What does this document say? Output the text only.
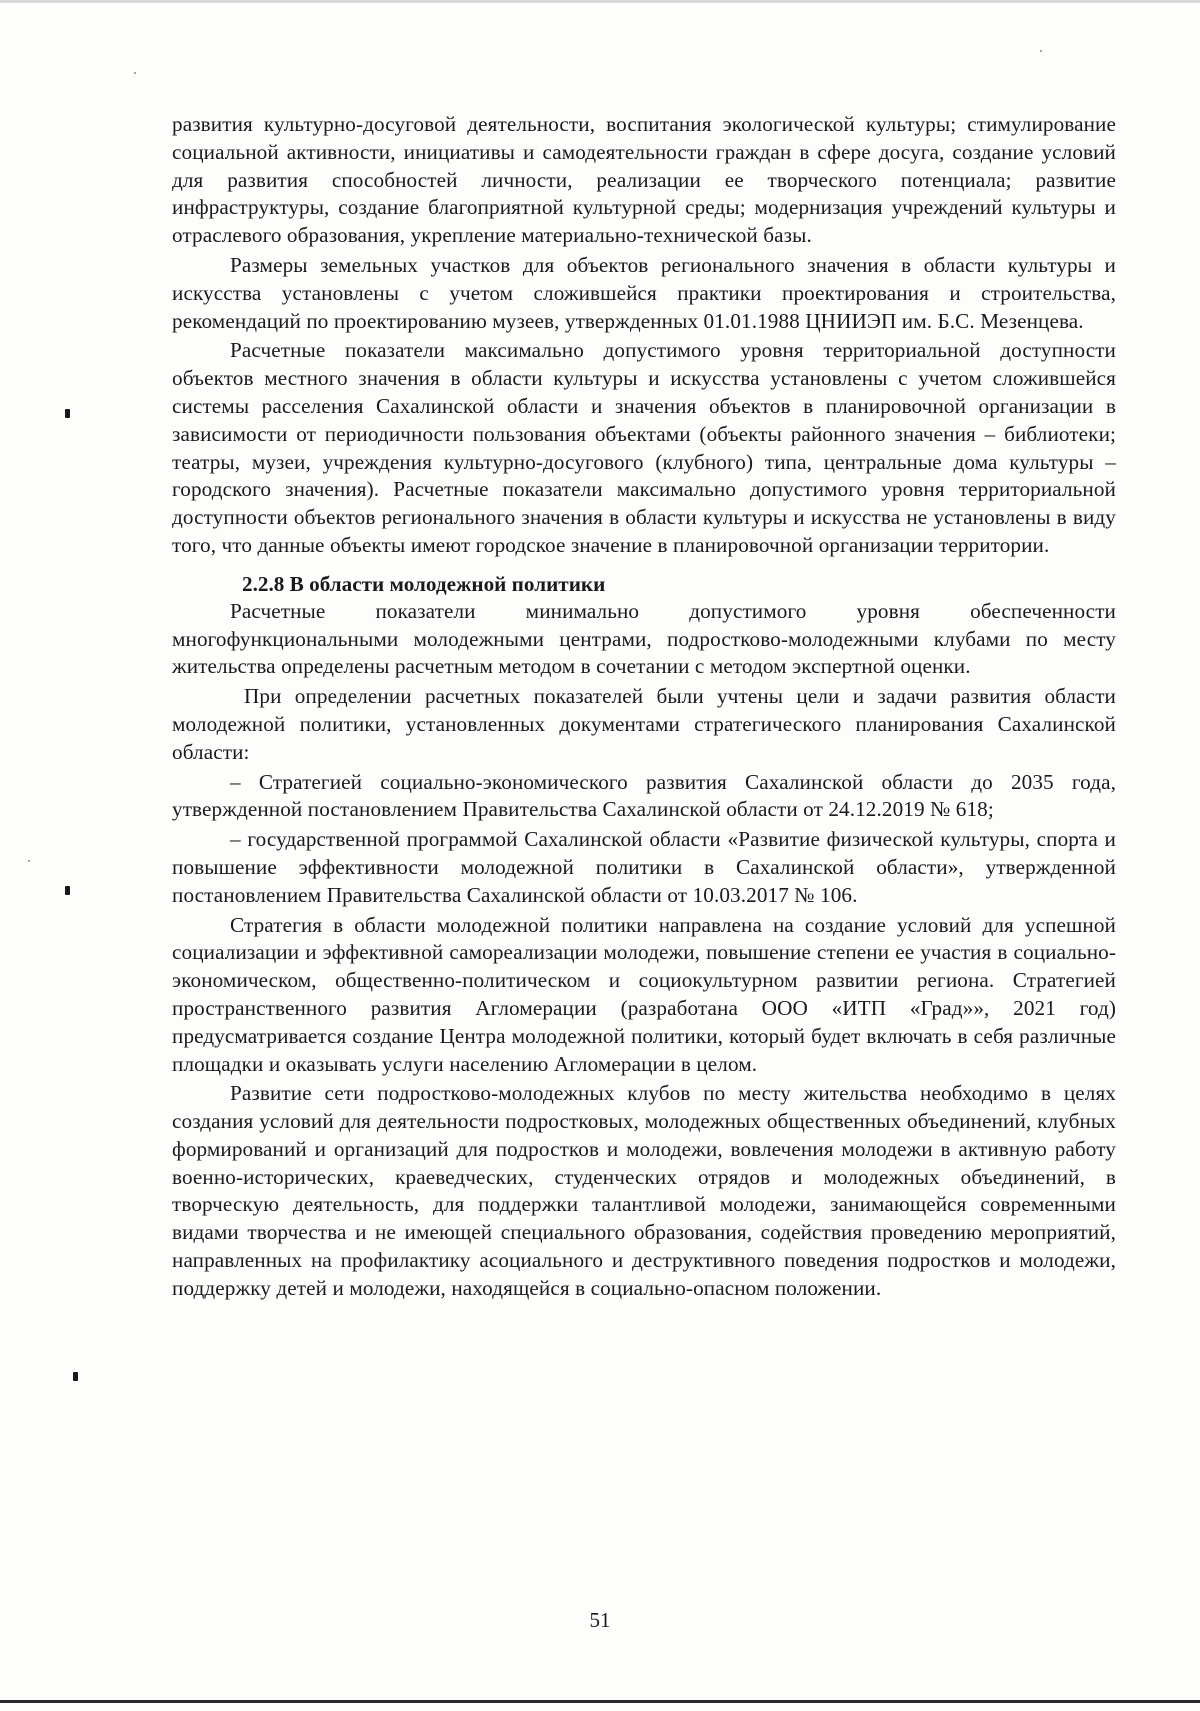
развития культурно-досуговой деятельности, воспитания экологической культуры; стимулирование социальной активности, инициативы и самодеятельности граждан в сфере досуга, создание условий для развития способностей личности, реализации ее творческого потенциала; развитие инфраструктуры, создание благоприятной культурной среды; модернизация учреждений культуры и отраслевого образования, укрепление материально-технической базы.

Размеры земельных участков для объектов регионального значения в области культуры и искусства установлены с учетом сложившейся практики проектирования и строительства, рекомендаций по проектированию музеев, утвержденных 01.01.1988 ЦНИИЭП им. Б.С. Мезенцева.

Расчетные показатели максимально допустимого уровня территориальной доступности объектов местного значения в области культуры и искусства установлены с учетом сложившейся системы расселения Сахалинской области и значения объектов в планировочной организации в зависимости от периодичности пользования объектами (объекты районного значения – библиотеки; театры, музеи, учреждения культурно-досугового (клубного) типа, центральные дома культуры – городского значения). Расчетные показатели максимально допустимого уровня территориальной доступности объектов регионального значения в области культуры и искусства не установлены в виду того, что данные объекты имеют городское значение в планировочной организации территории.

2.2.8 В области молодежной политики

Расчетные показатели минимально допустимого уровня обеспеченности многофункциональными молодежными центрами, подростково-молодежными клубами по месту жительства определены расчетным методом в сочетании с методом экспертной оценки.

При определении расчетных показателей были учтены цели и задачи развития области молодежной политики, установленных документами стратегического планирования Сахалинской области:

– Стратегией социально-экономического развития Сахалинской области до 2035 года, утвержденной постановлением Правительства Сахалинской области от 24.12.2019 № 618;

– государственной программой Сахалинской области «Развитие физической культуры, спорта и повышение эффективности молодежной политики в Сахалинской области», утвержденной постановлением Правительства Сахалинской области от 10.03.2017 № 106.

Стратегия в области молодежной политики направлена на создание условий для успешной социализации и эффективной самореализации молодежи, повышение степени ее участия в социально-экономическом, общественно-политическом и социокультурном развитии региона. Стратегией пространственного развития Агломерации (разработана ООО «ИТП «Град»», 2021 год) предусматривается создание Центра молодежной политики, который будет включать в себя различные площадки и оказывать услуги населению Агломерации в целом.

Развитие сети подростково-молодежных клубов по месту жительства необходимо в целях создания условий для деятельности подростковых, молодежных общественных объединений, клубных формирований и организаций для подростков и молодежи, вовлечения молодежи в активную работу военно-исторических, краеведческих, студенческих отрядов и молодежных объединений, в творческую деятельность, для поддержки талантливой молодежи, занимающейся современными видами творчества и не имеющей специального образования, содействия проведению мероприятий, направленных на профилактику асоциального и деструктивного поведения подростков и молодежи, поддержку детей и молодежи, находящейся в социально-опасном положении.

51
